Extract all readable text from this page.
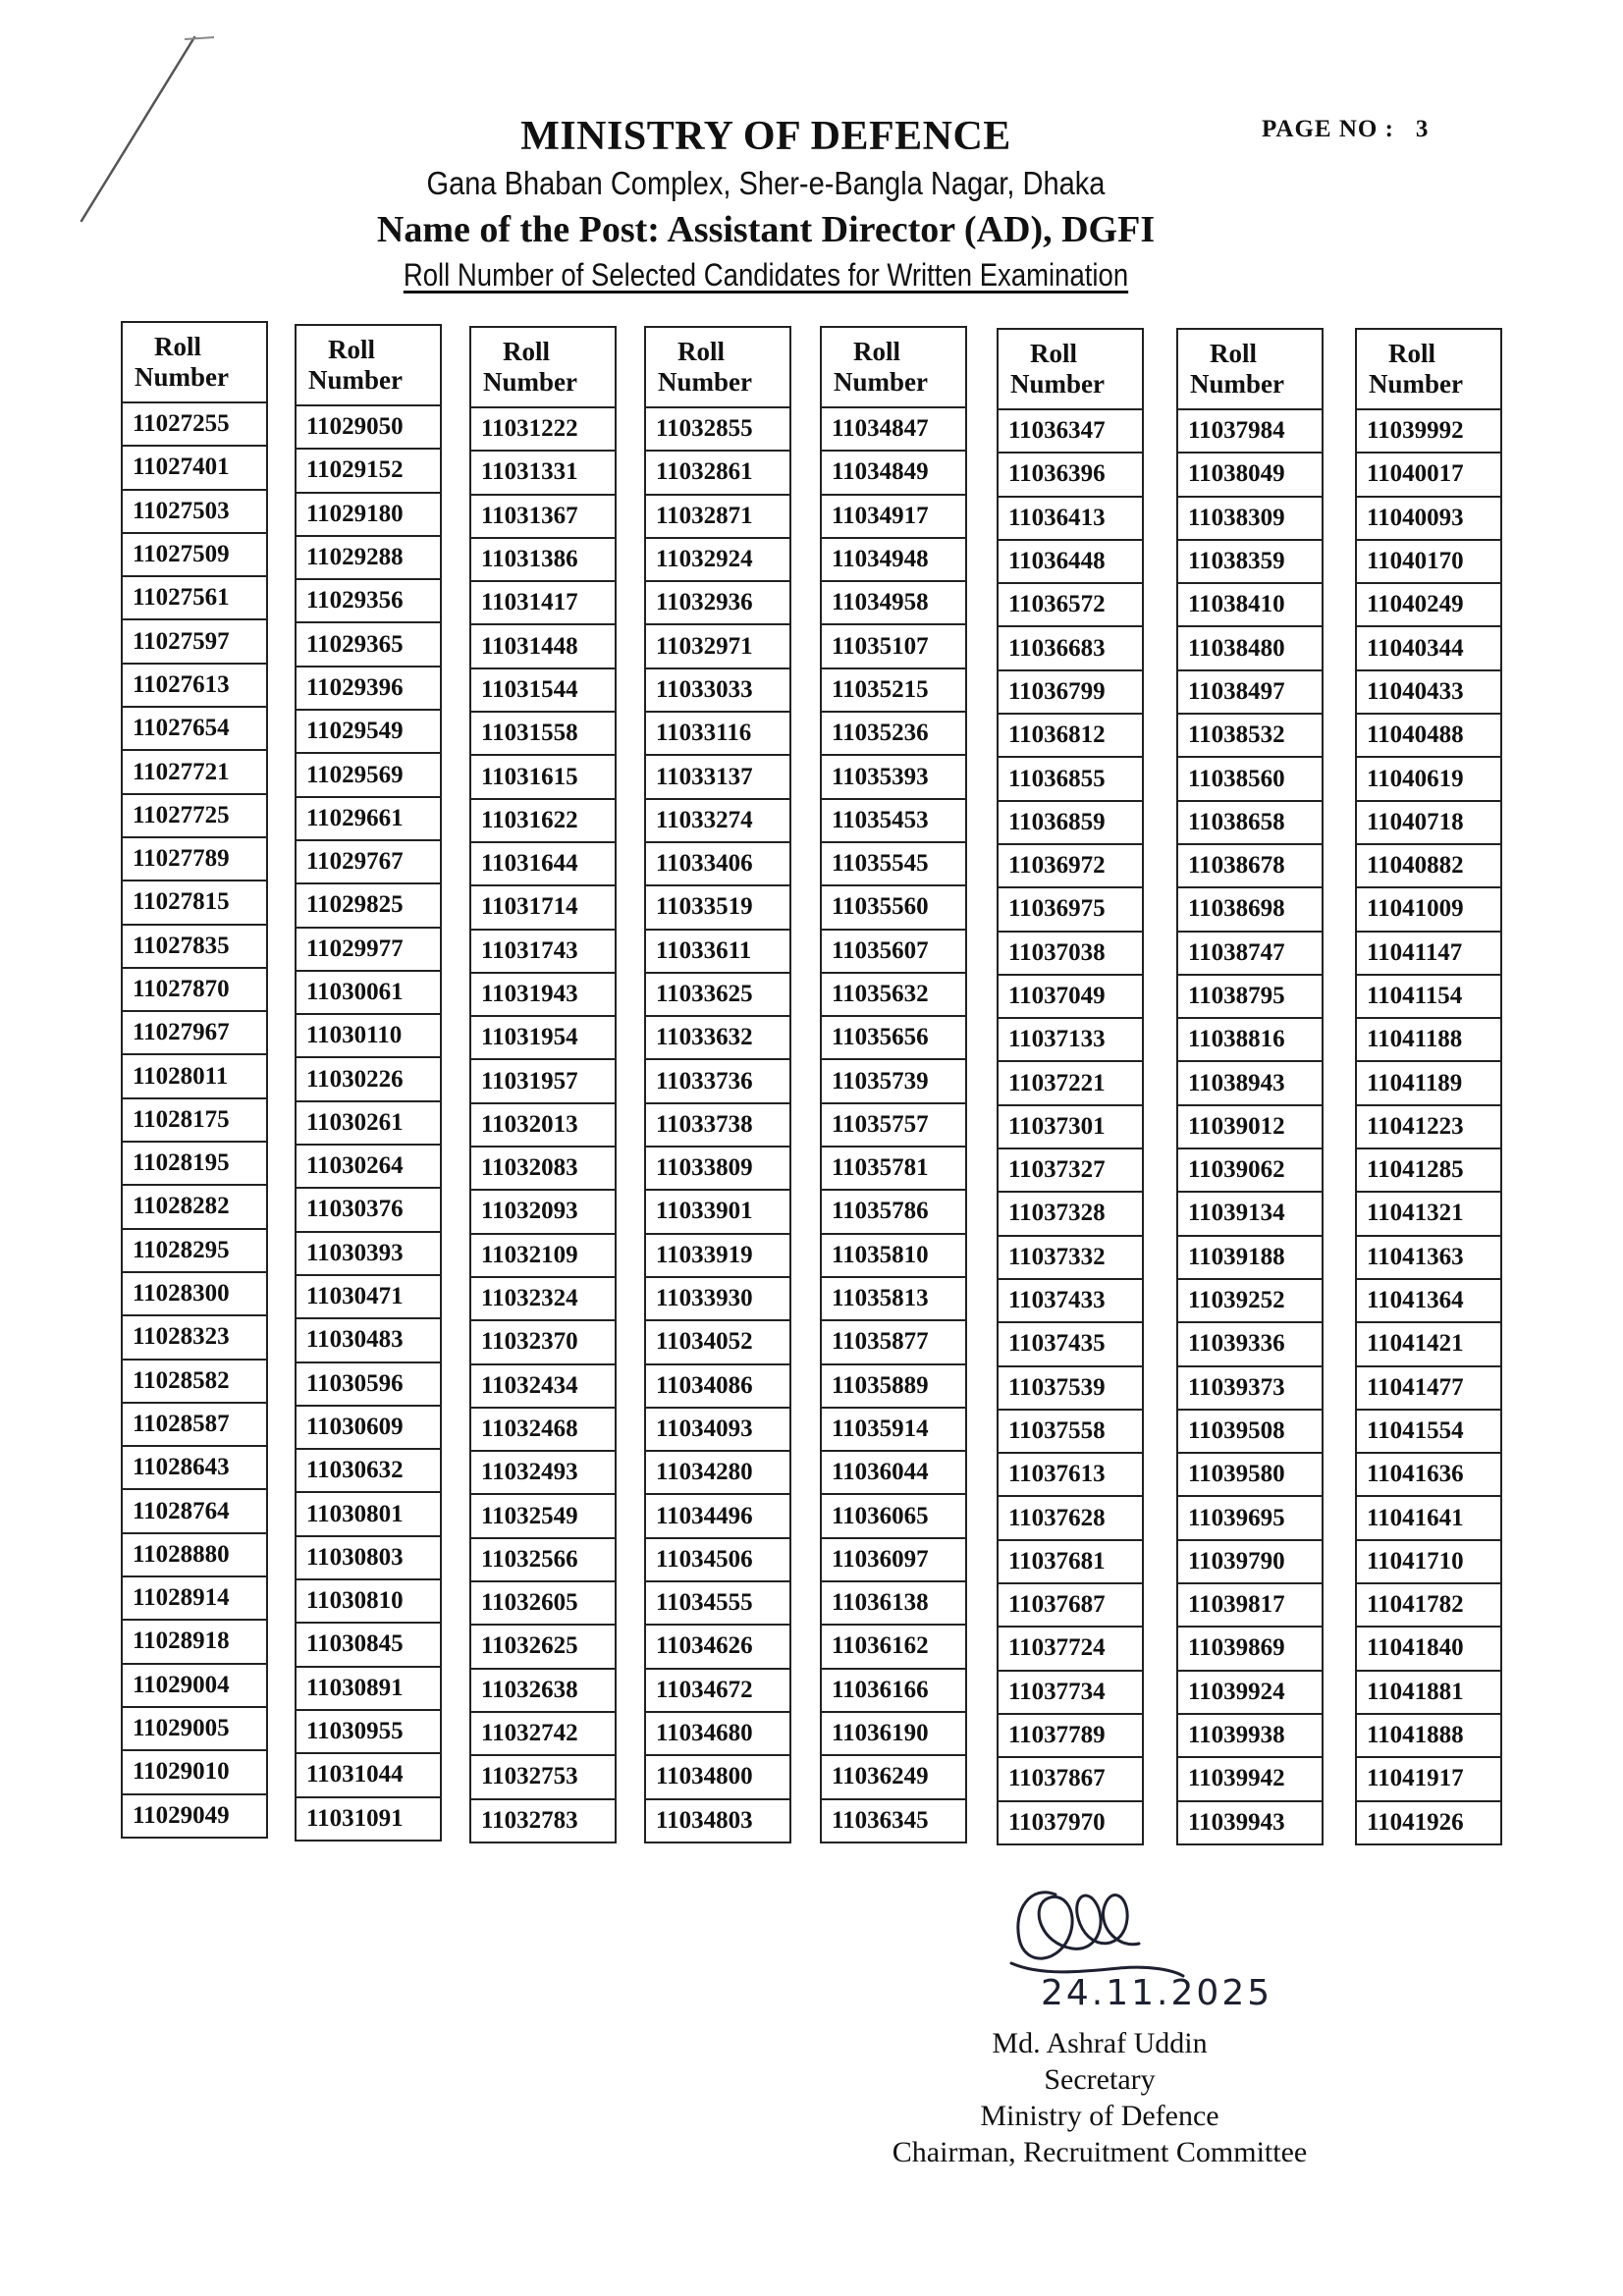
PAGE NO : 3
MINISTRY OF DEFENCE
Gana Bhaban Complex, Sher-e-Bangla Nagar, Dhaka
Name of the Post: Assistant Director (AD), DGFI
Roll Number of Selected Candidates for Written Examination
Roll
Number
11027255
11027401
11027503
11027509
11027561
11027597
11027613
11027654
11027721
11027725
11027789
11027815
11027835
11027870
11027967
11028011
11028175
11028195
11028282
11028295
11028300
11028323
11028582
11028587
11028643
11028764
11028880
11028914
11028918
11029004
11029005
11029010
11029049
Roll
Number
11029050
11029152
11029180
11029288
11029356
11029365
11029396
11029549
11029569
11029661
11029767
11029825
11029977
11030061
11030110
11030226
11030261
11030264
11030376
11030393
11030471
11030483
11030596
11030609
11030632
11030801
11030803
11030810
11030845
11030891
11030955
11031044
11031091
Roll
Number
11031222
11031331
11031367
11031386
11031417
11031448
11031544
11031558
11031615
11031622
11031644
11031714
11031743
11031943
11031954
11031957
11032013
11032083
11032093
11032109
11032324
11032370
11032434
11032468
11032493
11032549
11032566
11032605
11032625
11032638
11032742
11032753
11032783
Roll
Number
11032855
11032861
11032871
11032924
11032936
11032971
11033033
11033116
11033137
11033274
11033406
11033519
11033611
11033625
11033632
11033736
11033738
11033809
11033901
11033919
11033930
11034052
11034086
11034093
11034280
11034496
11034506
11034555
11034626
11034672
11034680
11034800
11034803
Roll
Number
11034847
11034849
11034917
11034948
11034958
11035107
11035215
11035236
11035393
11035453
11035545
11035560
11035607
11035632
11035656
11035739
11035757
11035781
11035786
11035810
11035813
11035877
11035889
11035914
11036044
11036065
11036097
11036138
11036162
11036166
11036190
11036249
11036345
Roll
Number
11036347
11036396
11036413
11036448
11036572
11036683
11036799
11036812
11036855
11036859
11036972
11036975
11037038
11037049
11037133
11037221
11037301
11037327
11037328
11037332
11037433
11037435
11037539
11037558
11037613
11037628
11037681
11037687
11037724
11037734
11037789
11037867
11037970
Roll
Number
11037984
11038049
11038309
11038359
11038410
11038480
11038497
11038532
11038560
11038658
11038678
11038698
11038747
11038795
11038816
11038943
11039012
11039062
11039134
11039188
11039252
11039336
11039373
11039508
11039580
11039695
11039790
11039817
11039869
11039924
11039938
11039942
11039943
Roll
Number
11039992
11040017
11040093
11040170
11040249
11040344
11040433
11040488
11040619
11040718
11040882
11041009
11041147
11041154
11041188
11041189
11041223
11041285
11041321
11041363
11041364
11041421
11041477
11041554
11041636
11041641
11041710
11041782
11041840
11041881
11041888
11041917
11041926
24.11.2025
Md. Ashraf Uddin
Secretary
Ministry of Defence
Chairman, Recruitment Committee
